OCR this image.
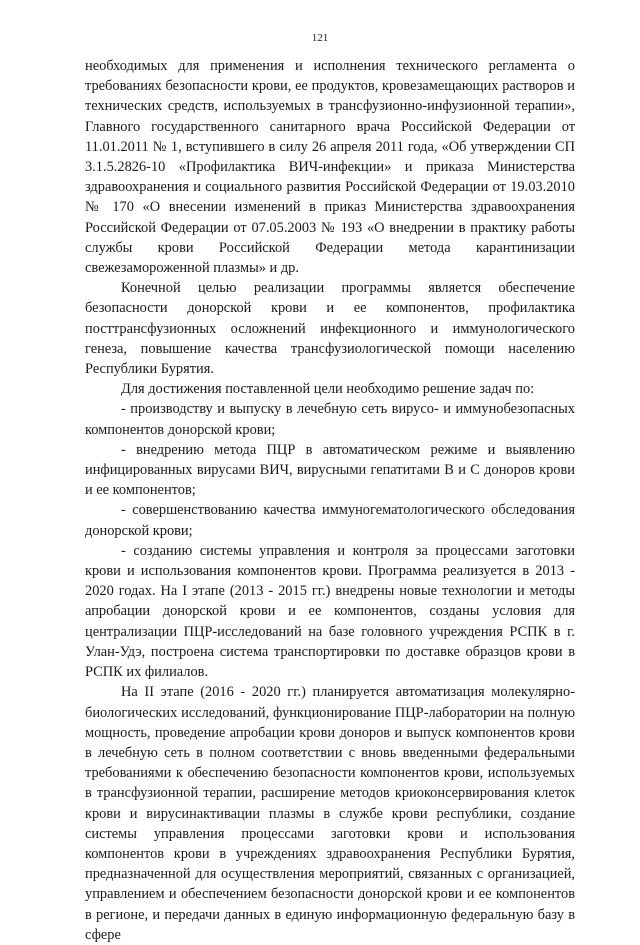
121

необходимых для применения и исполнения технического регламента о требованиях безопасности крови, ее продуктов, кровезамещающих растворов и технических средств, используемых в трансфузионно-инфузионной терапии», Главного государственного санитарного врача Российской Федерации от 11.01.2011 № 1, вступившего в силу 26 апреля 2011 года, «Об утверждении СП 3.1.5.2826-10 «Профилактика ВИЧ-инфекции» и приказа Министерства здравоохранения и социального развития Российской Федерации от 19.03.2010 № 170 «О внесении изменений в приказ Министерства здравоохранения Российской Федерации от 07.05.2003 № 193 «О внедрении в практику работы службы крови Российской Федерации метода карантинизации свежезамороженной плазмы» и др.

Конечной целью реализации программы является обеспечение безопасности донорской крови и ее компонентов, профилактика посттрансфузионных осложнений инфекционного и иммунологического генеза, повышение качества трансфузиологической помощи населению Республики Бурятия.

Для достижения поставленной цели необходимо решение задач по:

- производству и выпуску в лечебную сеть вирусо- и иммунобезопасных компонентов донорской крови;

- внедрению метода ПЦР в автоматическом режиме и выявлению инфицированных вирусами ВИЧ, вирусными гепатитами В и С доноров крови и ее компонентов;

- совершенствованию качества иммуногематологического обследования донорской крови;

- созданию системы управления и контроля за процессами заготовки крови и использования компонентов крови. Программа реализуется в 2013 - 2020 годах. На I этапе (2013 - 2015 гг.) внедрены новые технологии и методы апробации донорской крови и ее компонентов, созданы условия для централизации ПЦР-исследований на базе головного учреждения РСПК в г. Улан-Удэ, построена система транспортировки по доставке образцов крови в РСПК их филиалов.

На II этапе (2016 - 2020 гг.) планируется автоматизация молекулярно-биологических исследований, функционирование ПЦР-лаборатории на полную мощность, проведение апробации крови доноров и выпуск компонентов крови в лечебную сеть в полном соответствии с вновь введенными федеральными требованиями к обеспечению безопасности компонентов крови, используемых в трансфузионной терапии, расширение методов криоконсервирования клеток крови и вирусинактивации плазмы в службе крови республики, создание системы управления процессами заготовки крови и использования компонентов крови в учреждениях здравоохранения Республики Бурятия, предназначенной для осуществления мероприятий, связанных с организацией, управлением и обеспечением безопасности донорской крови и ее компонентов в регионе, и передачи данных в единую информационную федеральную базу в сфере
